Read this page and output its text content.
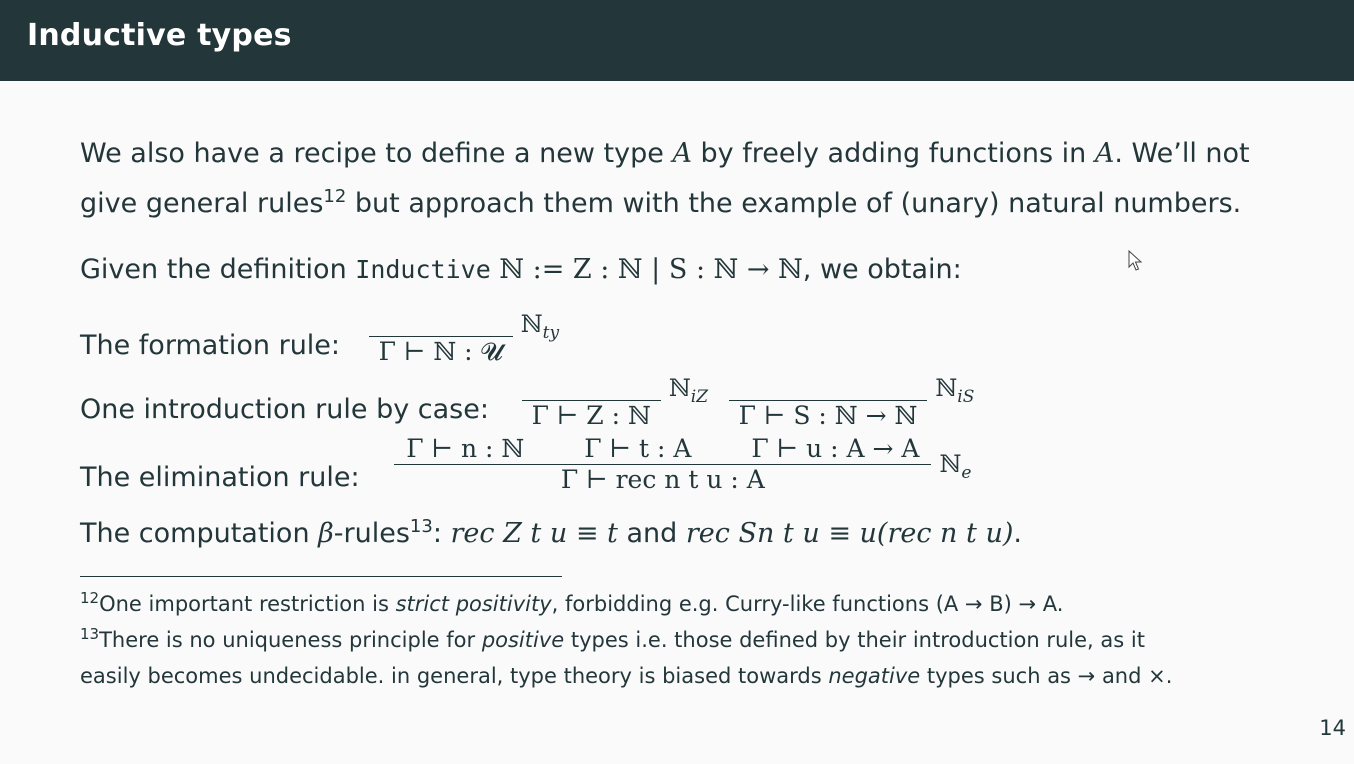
Inductive types
We also have a recipe to define a new type A by freely adding functions in A. We’ll not
give general rules$^{12}$ but approach them with the example of (unary) natural numbers.
Given the definition Inductive ℕ := Z : ℕ | S : ℕ → ℕ, we obtain:
The formation rule:	Γ ⊢ ℕ : 𝓤
ℕ$_{ty}$
One introduction rule by case:	Γ ⊢ Z : ℕ
ℕ$_{iZ}$

Γ ⊢ S : ℕ → ℕ
ℕ$_{iS}$
The elimination rule: $\frac{\text{Γ ⊢ n : ℕ Γ ⊢ t : A Γ ⊢ u : A → A}}{\text{Γ ⊢ rec n t u : A}}$ ℕ$_e$
The computation β-rules$^{13}$: rec Z t u ≡ t and rec Sn t u ≡ u(rec n t u).
$^{12}$One important restriction is strict positivity, forbidding e.g. Curry-like functions (A → B) → A.
$^{13}$There is no uniqueness principle for positive types i.e. those defined by their introduction rule, as it
easily becomes undecidable. in general, type theory is biased towards negative types such as → and ×.
14
